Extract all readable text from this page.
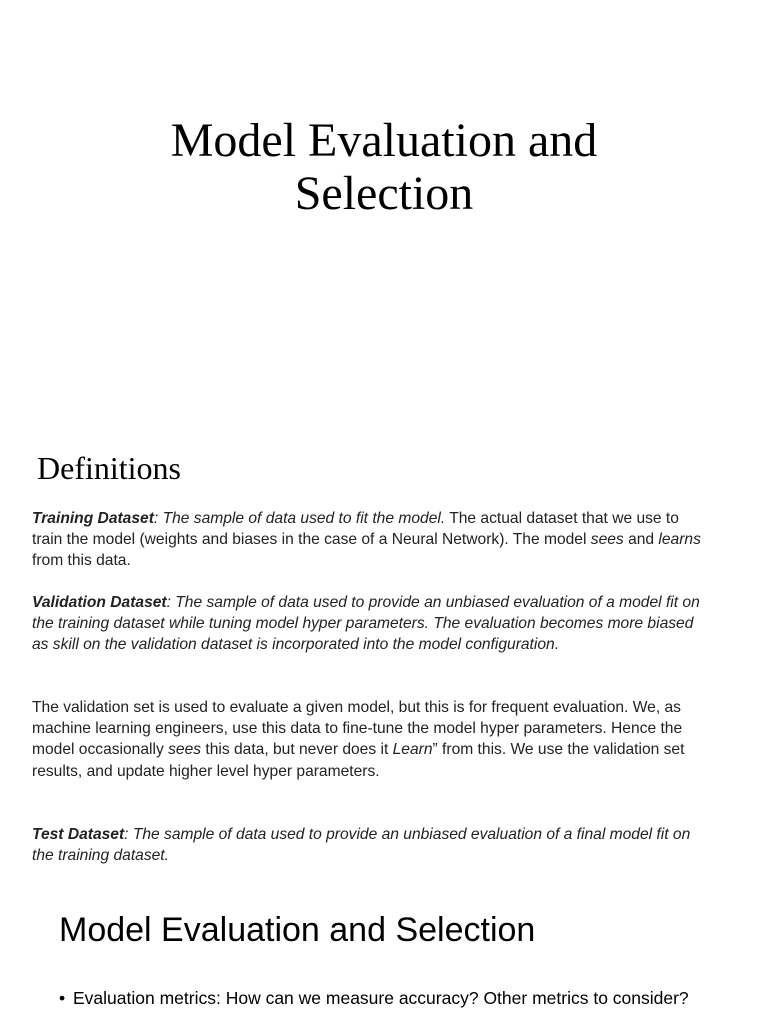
Model Evaluation and
Selection
Definitions
Training Dataset: The sample of data used to fit the model. The actual dataset that we use to train the model (weights and biases in the case of a Neural Network). The model sees and learns from this data.
Validation Dataset: The sample of data used to provide an unbiased evaluation of a model fit on the training dataset while tuning model hyper parameters. The evaluation becomes more biased as skill on the validation dataset is incorporated into the model configuration.
The validation set is used to evaluate a given model, but this is for frequent evaluation. We, as machine learning engineers, use this data to fine-tune the model hyper parameters. Hence the model occasionally sees this data, but never does it Learn” from this. We use the validation set results, and update higher level hyper parameters.
Test Dataset: The sample of data used to provide an unbiased evaluation of a final model fit on the training dataset.
Model Evaluation and Selection
• Evaluation metrics: How can we measure accuracy? Other metrics to consider?
